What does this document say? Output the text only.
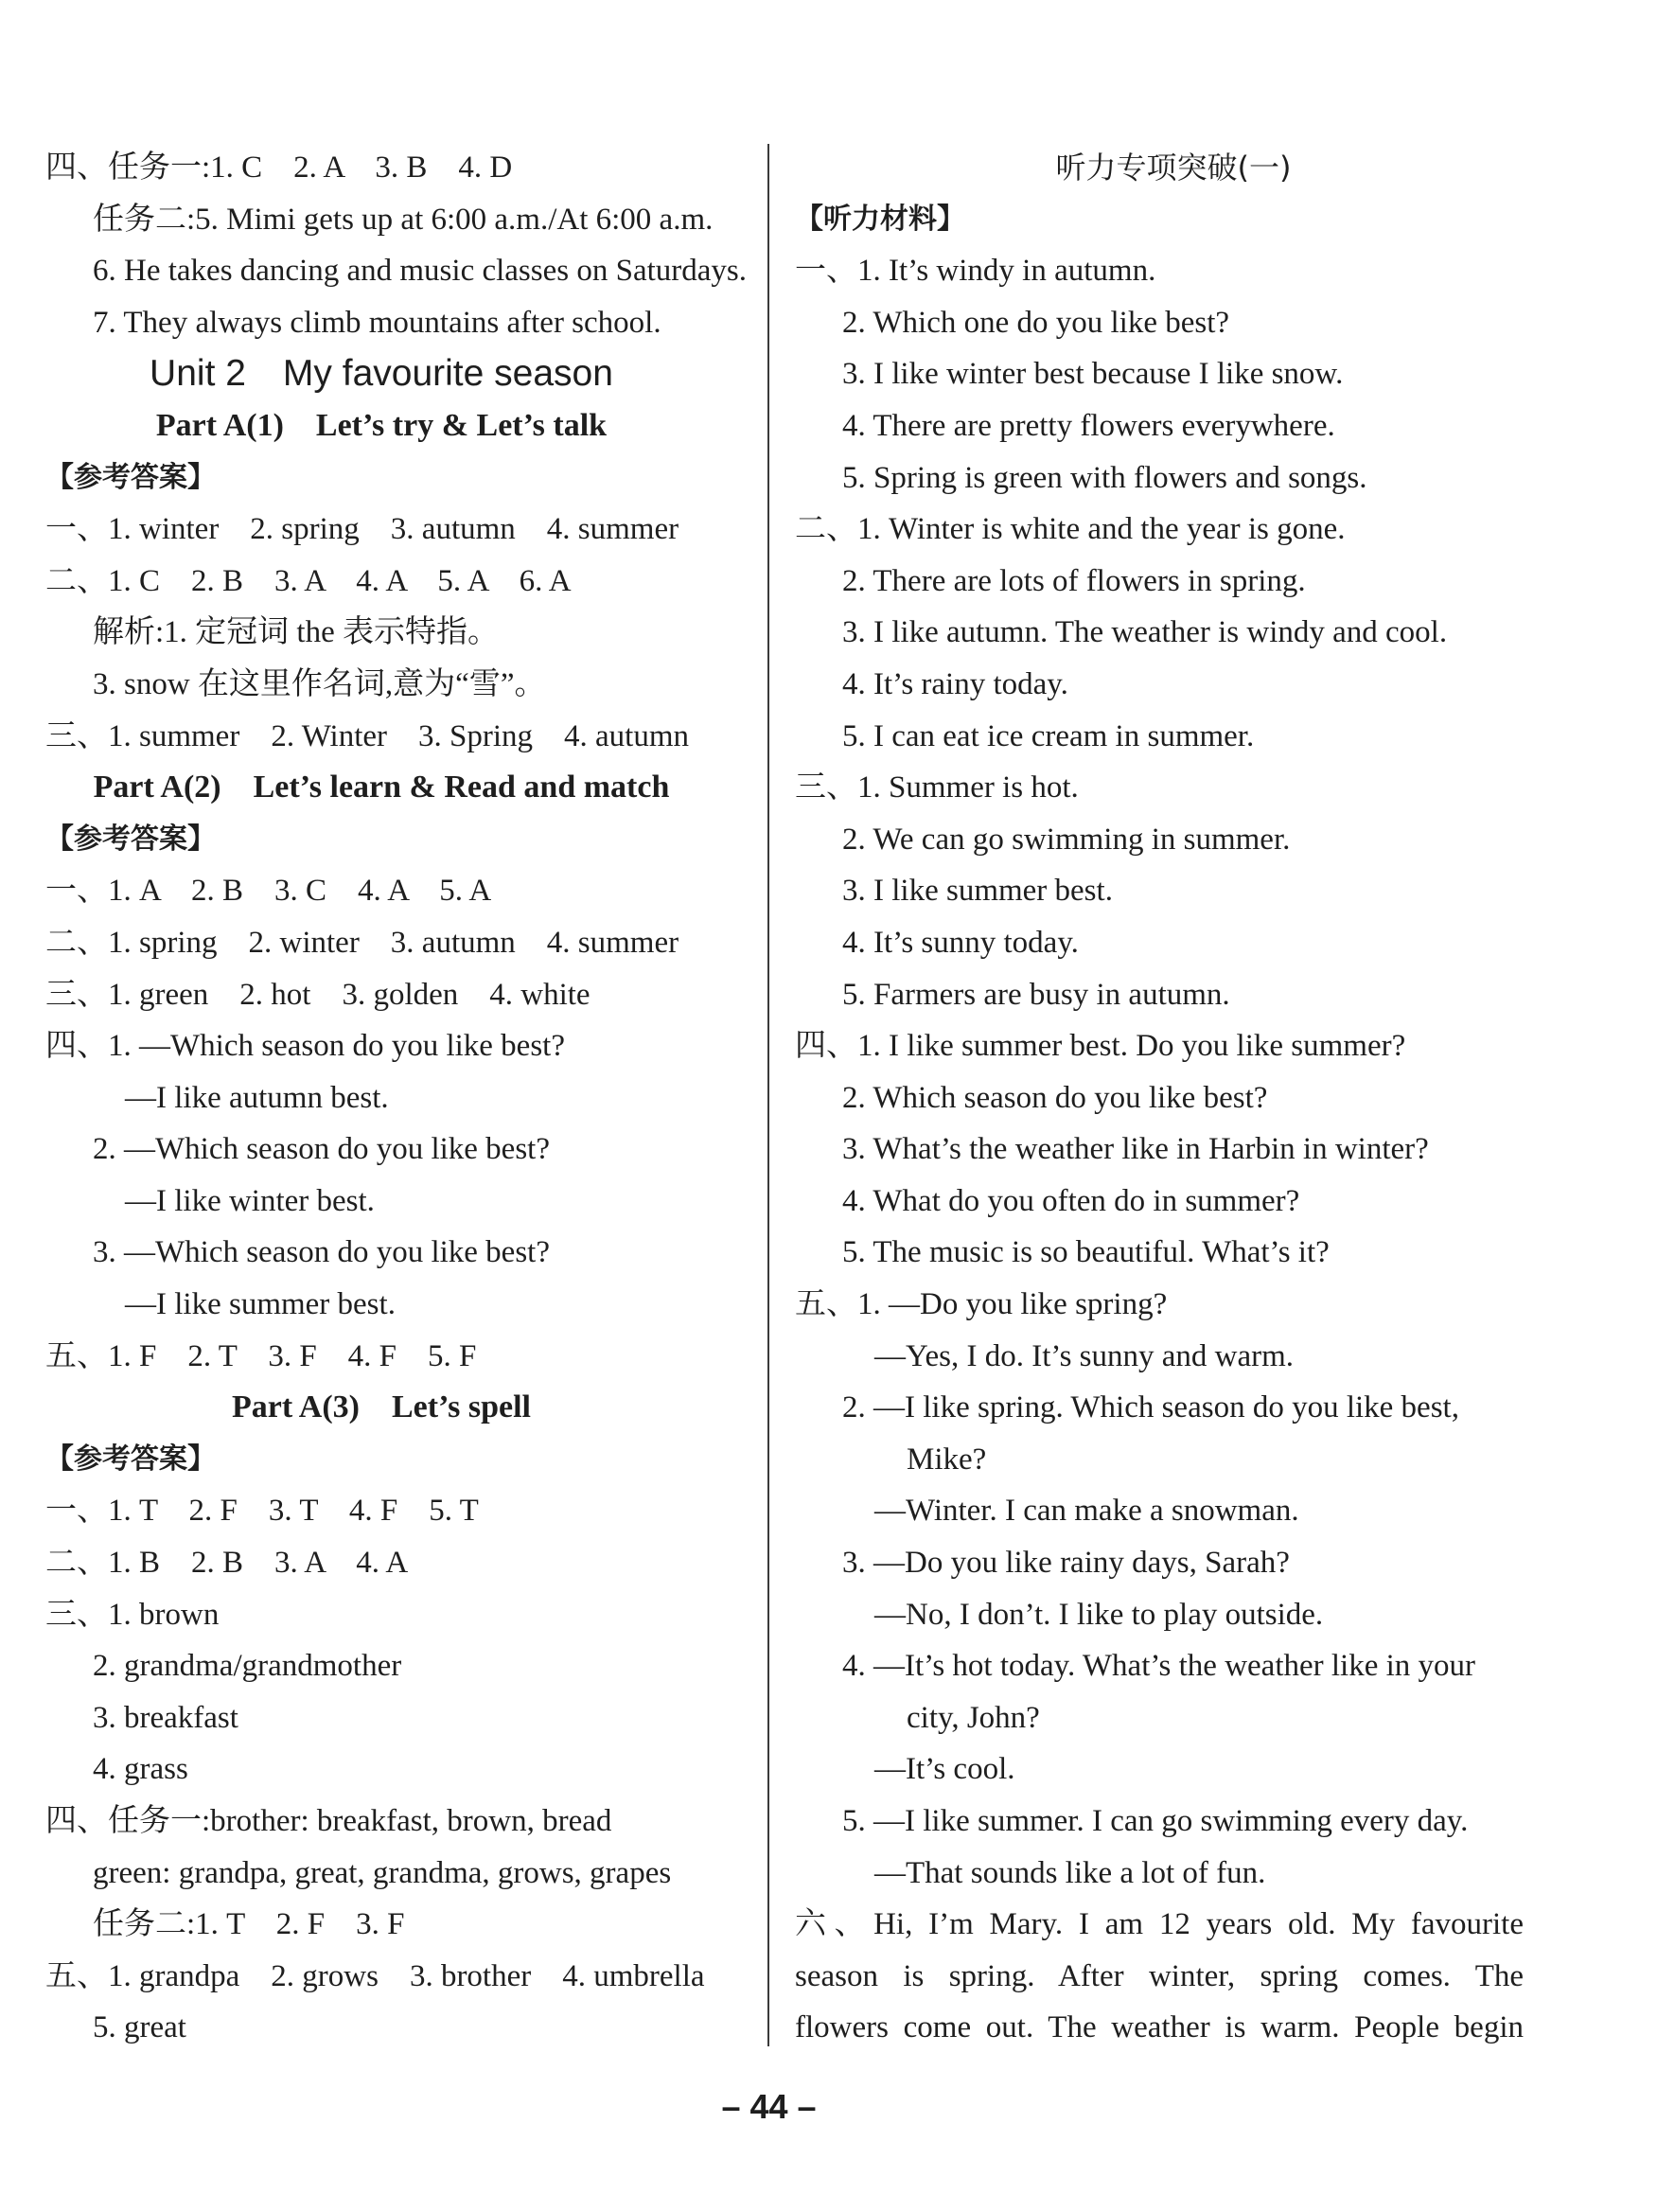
四、任务一:1. C　2. A　3. B　4. D
任务二:5. Mimi gets up at 6:00 a.m./At 6:00 a.m.
6. He takes dancing and music classes on Saturdays.
7. They always climb mountains after school.
Unit 2　My favourite season
Part A(1)　Let’s try & Let’s talk
【参考答案】
一、1. winter　2. spring　3. autumn　4. summer
二、1. C　2. B　3. A　4. A　5. A　6. A
解析:1. 定冠词 the 表示特指。
3. snow 在这里作名词,意为“雪”。
三、1. summer　2. Winter　3. Spring　4. autumn
Part A(2)　Let’s learn & Read and match
【参考答案】
一、1. A　2. B　3. C　4. A　5. A
二、1. spring　2. winter　3. autumn　4. summer
三、1. green　2. hot　3. golden　4. white
四、1. —Which season do you like best?
—I like autumn best.
2. —Which season do you like best?
—I like winter best.
3. —Which season do you like best?
—I like summer best.
五、1. F　2. T　3. F　4. F　5. F
Part A(3)　Let’s spell
【参考答案】
一、1. T　2. F　3. T　4. F　5. T
二、1. B　2. B　3. A　4. A
三、1. brown
2. grandma/grandmother
3. breakfast
4. grass
四、任务一:brother: breakfast, brown, bread
green: grandpa, great, grandma, grows, grapes
任务二:1. T　2. F　3. F
五、1. grandpa　2. grows　3. brother　4. umbrella
5. great
听力专项突破(一)
【听力材料】
一、1. It’s windy in autumn.
2. Which one do you like best?
3. I like winter best because I like snow.
4. There are pretty flowers everywhere.
5. Spring is green with flowers and songs.
二、1. Winter is white and the year is gone.
2. There are lots of flowers in spring.
3. I like autumn. The weather is windy and cool.
4. It’s rainy today.
5. I can eat ice cream in summer.
三、1. Summer is hot.
2. We can go swimming in summer.
3. I like summer best.
4. It’s sunny today.
5. Farmers are busy in autumn.
四、1. I like summer best. Do you like summer?
2. Which season do you like best?
3. What’s the weather like in Harbin in winter?
4. What do you often do in summer?
5. The music is so beautiful. What’s it?
五、1. —Do you like spring?
—Yes, I do. It’s sunny and warm.
2. —I like spring. Which season do you like best,
Mike?
—Winter. I can make a snowman.
3. —Do you like rainy days, Sarah?
—No, I don’t. I like to play outside.
4. —It’s hot today. What’s the weather like in your
city, John?
—It’s cool.
5. —I like summer. I can go swimming every day.
—That sounds like a lot of fun.
六、Hi, I’m Mary. I am 12 years old. My favourite
season is spring. After winter, spring comes. The
flowers come out. The weather is warm. People begin
– 44 –
